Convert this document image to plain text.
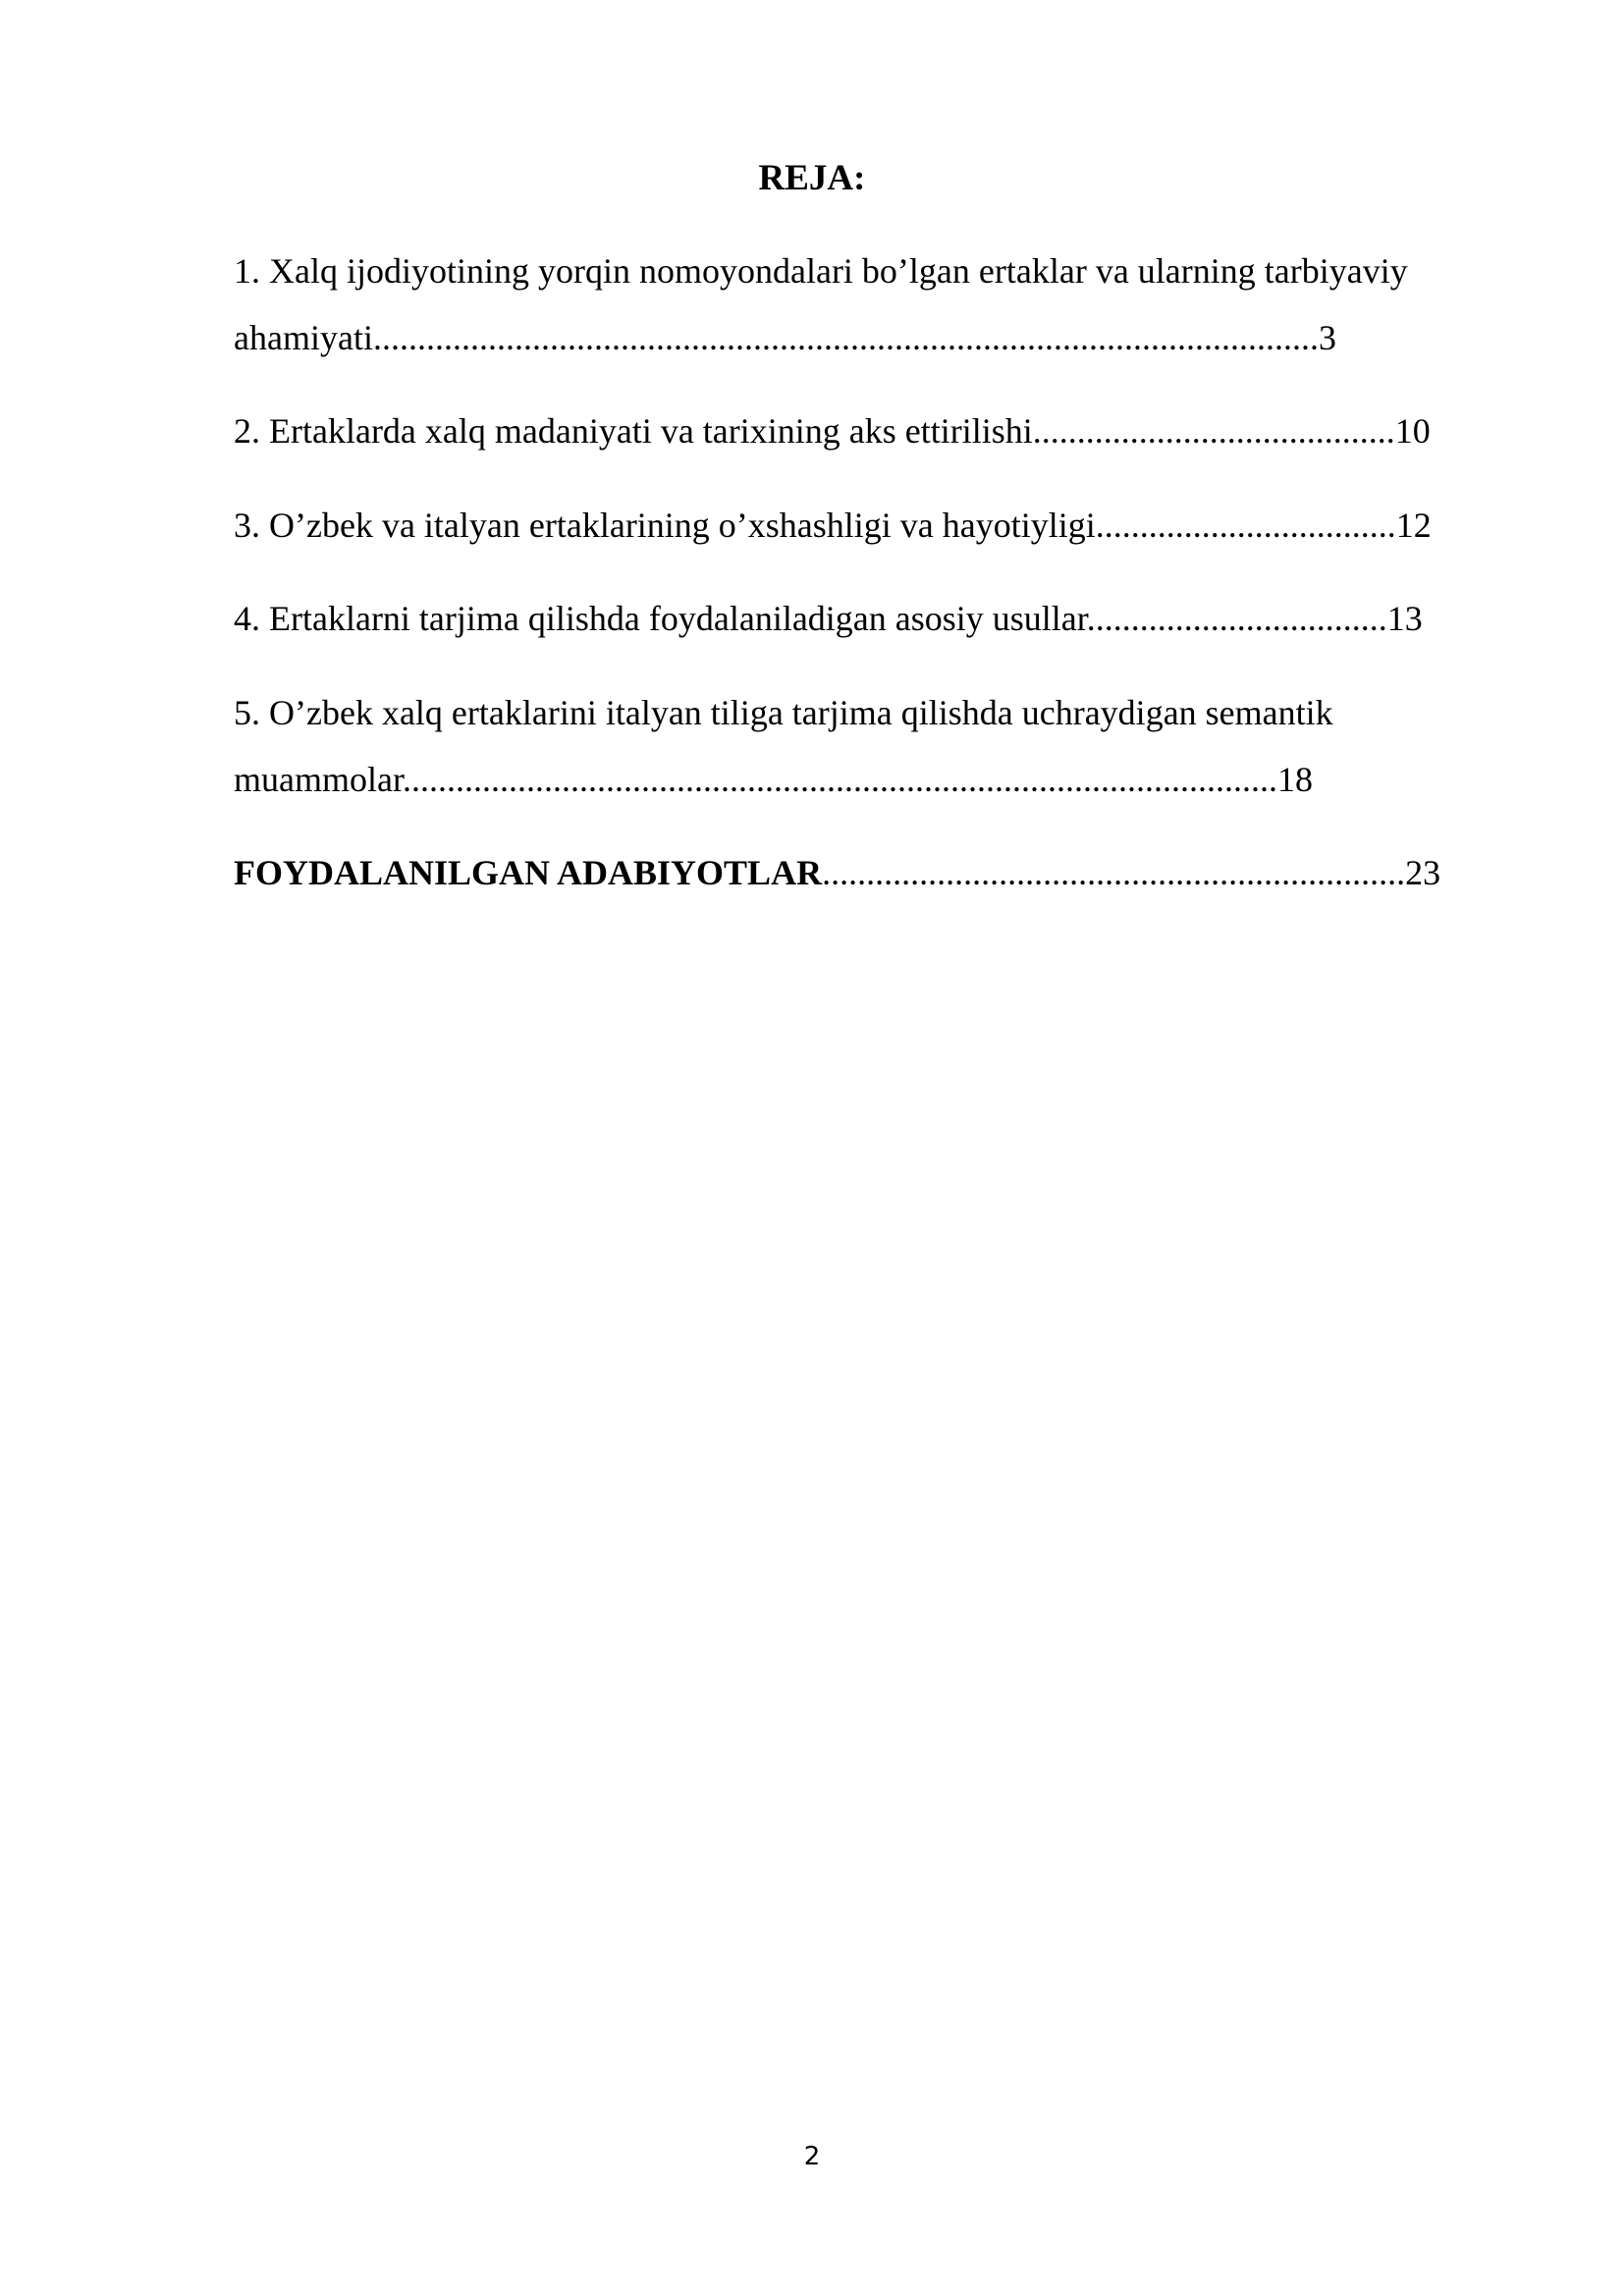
REJA:
1. Xalq ijodiyotining yorqin nomoyondalari bo’lgan ertaklar va ularning tarbiyaviy
ahamiyati...........................................................................................................3
2. Ertaklarda xalq madaniyati va tarixining aks ettirilishi.........................................10
3. O’zbek va italyan ertaklarining o’xshashligi va hayotiyligi..................................12
4. Ertaklarni tarjima qilishda foydalaniladigan asosiy usullar..................................13
5. O’zbek xalq ertaklarini italyan tiliga tarjima qilishda uchraydigan semantik
muammolar...................................................................................................18
FOYDALANILGAN ADABIYOTLAR..................................................................23
2
